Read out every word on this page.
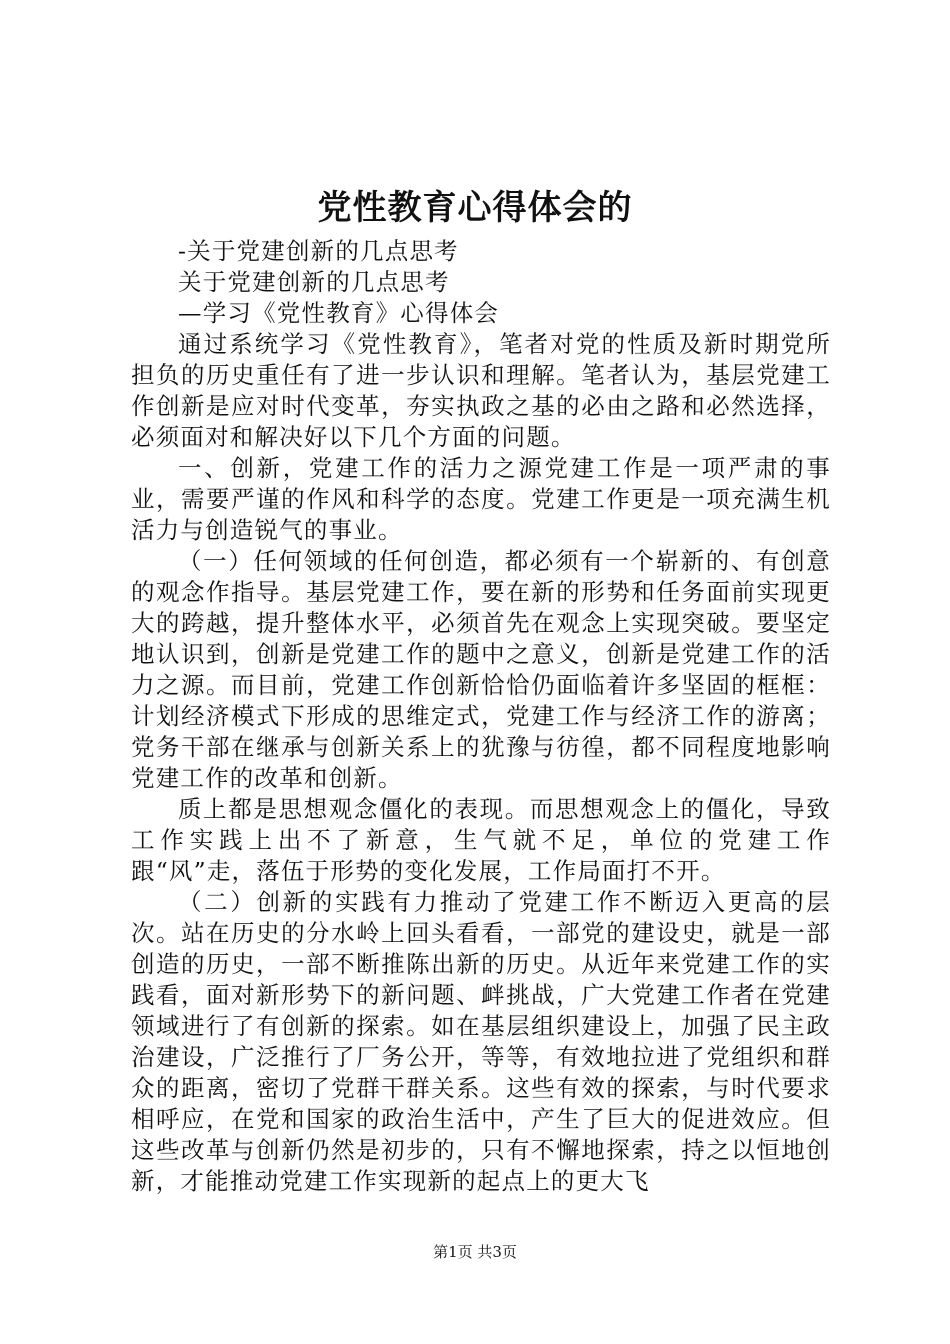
党性教育心得体会的

-关于党建创新的几点思考

关于党建创新的几点思考

—学习《党性教育》心得体会

通过系统学习《党性教育》，笔者对党的性质及新时期党所担负的历史重任有了进一步认识和理解。笔者认为，基层党建工作创新是应对时代变革，夯实执政之基的必由之路和必然选择，必须面对和解决好以下几个方面的问题。

一、创新，党建工作的活力之源党建工作是一项严肃的事业，需要严谨的作风和科学的态度。党建工作更是一项充满生机活力与创造锐气的事业。

（一）任何领域的任何创造，都必须有一个崭新的、有创意的观念作指导。基层党建工作，要在新的形势和任务面前实现更大的跨越，提升整体水平，必须首先在观念上实现突破。要坚定地认识到，创新是党建工作的题中之意义，创新是党建工作的活力之源。而目前，党建工作创新恰恰仍面临着许多坚固的框框：计划经济模式下形成的思维定式，党建工作与经济工作的游离；党务干部在继承与创新关系上的犹豫与彷徨，都不同程度地影响党建工作的改革和创新。

质上都是思想观念僵化的表现。而思想观念上的僵化，导致工作实践上出不了新意，生气就不足，单位的党建工作跟“风”走，落伍于形势的变化发展，工作局面打不开。

（二）创新的实践有力推动了党建工作不断迈入更高的层次。站在历史的分水岭上回头看看，一部党的建设史，就是一部创造的历史，一部不断推陈出新的历史。从近年来党建工作的实践看，面对新形势下的新问题、衅挑战，广大党建工作者在党建领域进行了有创新的探索。如在基层组织建设上，加强了民主政治建设，广泛推行了厂务公开，等等，有效地拉进了党组织和群众的距离，密切了党群干群关系。这些有效的探索，与时代要求相呼应，在党和国家的政治生活中，产生了巨大的促进效应。但这些改革与创新仍然是初步的，只有不懈地探索，持之以恒地创新，才能推动党建工作实现新的起点上的更大飞

第1页 共3页
